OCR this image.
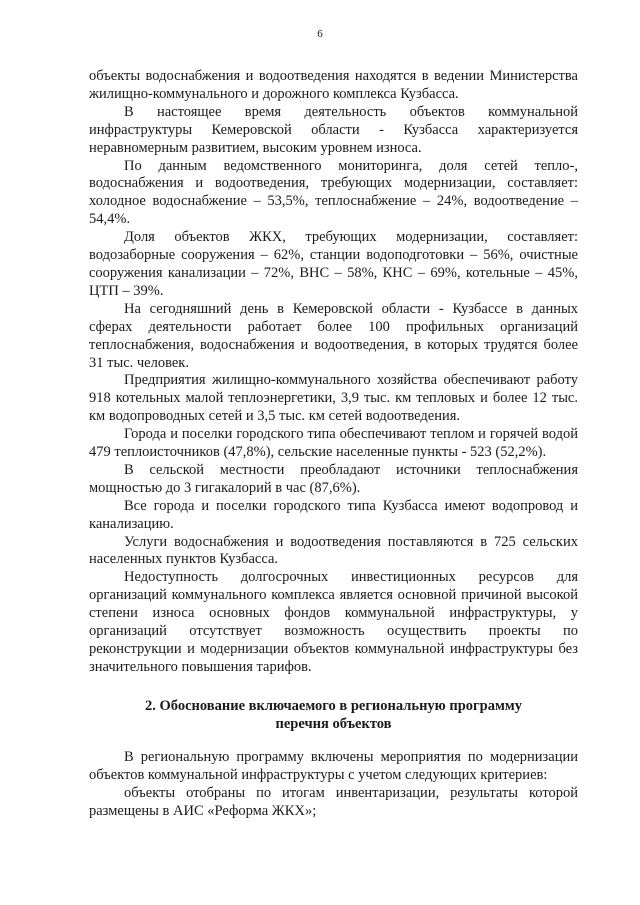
6

объекты водоснабжения и водоотведения находятся в ведении Министерства жилищно-коммунального и дорожного комплекса Кузбасса.

В настоящее время деятельность объектов коммунальной инфраструктуры Кемеровской области - Кузбасса характеризуется неравномерным развитием, высоким уровнем износа.

По данным ведомственного мониторинга, доля сетей тепло-, водоснабжения и водоотведения, требующих модернизации, составляет: холодное водоснабжение – 53,5%, теплоснабжение – 24%, водоотведение – 54,4%.

Доля объектов ЖКХ, требующих модернизации, составляет: водозаборные сооружения – 62%, станции водоподготовки – 56%, очистные сооружения канализации – 72%, ВНС – 58%, КНС – 69%, котельные – 45%, ЦТП – 39%.

На сегодняшний день в Кемеровской области - Кузбассе в данных сферах деятельности работает более 100 профильных организаций теплоснабжения, водоснабжения и водоотведения, в которых трудятся более 31 тыс. человек.

Предприятия жилищно-коммунального хозяйства обеспечивают работу 918 котельных малой теплоэнергетики, 3,9 тыс. км тепловых и более 12 тыс. км водопроводных сетей и 3,5 тыс. км сетей водоотведения.

Города и поселки городского типа обеспечивают теплом и горячей водой 479 теплоисточников (47,8%), сельские населенные пункты - 523 (52,2%).

В сельской местности преобладают источники теплоснабжения мощностью до 3 гигакалорий в час (87,6%).

Все города и поселки городского типа Кузбасса имеют водопровод и канализацию.

Услуги водоснабжения и водоотведения поставляются в 725 сельских населенных пунктов Кузбасса.

Недоступность долгосрочных инвестиционных ресурсов для организаций коммунального комплекса является основной причиной высокой степени износа основных фондов коммунальной инфраструктуры, у организаций отсутствует возможность осуществить проекты по реконструкции и модернизации объектов коммунальной инфраструктуры без значительного повышения тарифов.

2. Обоснование включаемого в региональную программу
перечня объектов

В региональную программу включены мероприятия по модернизации объектов коммунальной инфраструктуры с учетом следующих критериев:

объекты отобраны по итогам инвентаризации, результаты которой размещены в АИС «Реформа ЖКХ»;
